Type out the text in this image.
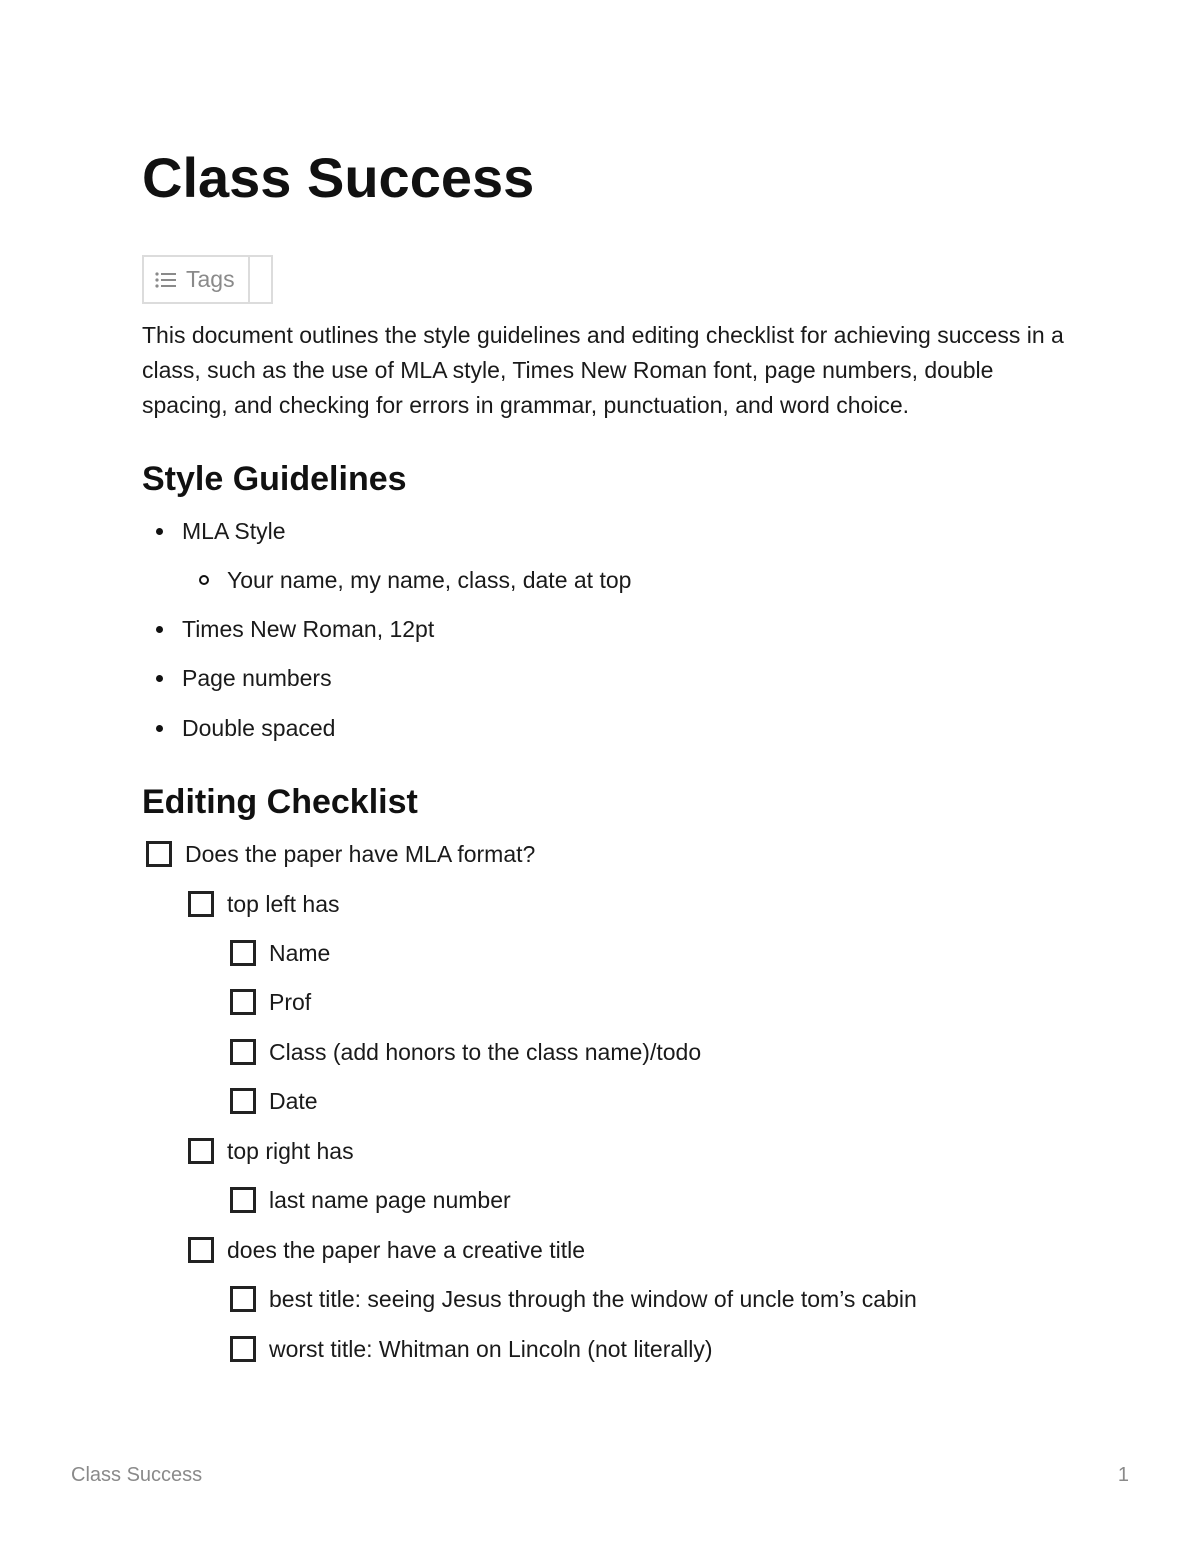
Class Success
Tags

This document outlines the style guidelines and editing checklist for achieving success in a class, such as the use of MLA style, Times New Roman font, page numbers, double spacing, and checking for errors in grammar, punctuation, and word choice.

Style Guidelines
MLA Style
Your name, my name, class, date at top
Times New Roman, 12pt
Page numbers
Double spaced
Editing Checklist
Does the paper have MLA format?
top left has
Name
Prof
Class (add honors to the class name)/todo
Date
top right has
last name page number
does the paper have a creative title
best title: seeing Jesus through the window of uncle tom’s cabin
worst title: Whitman on Lincoln (not literally)
Class Success	1
